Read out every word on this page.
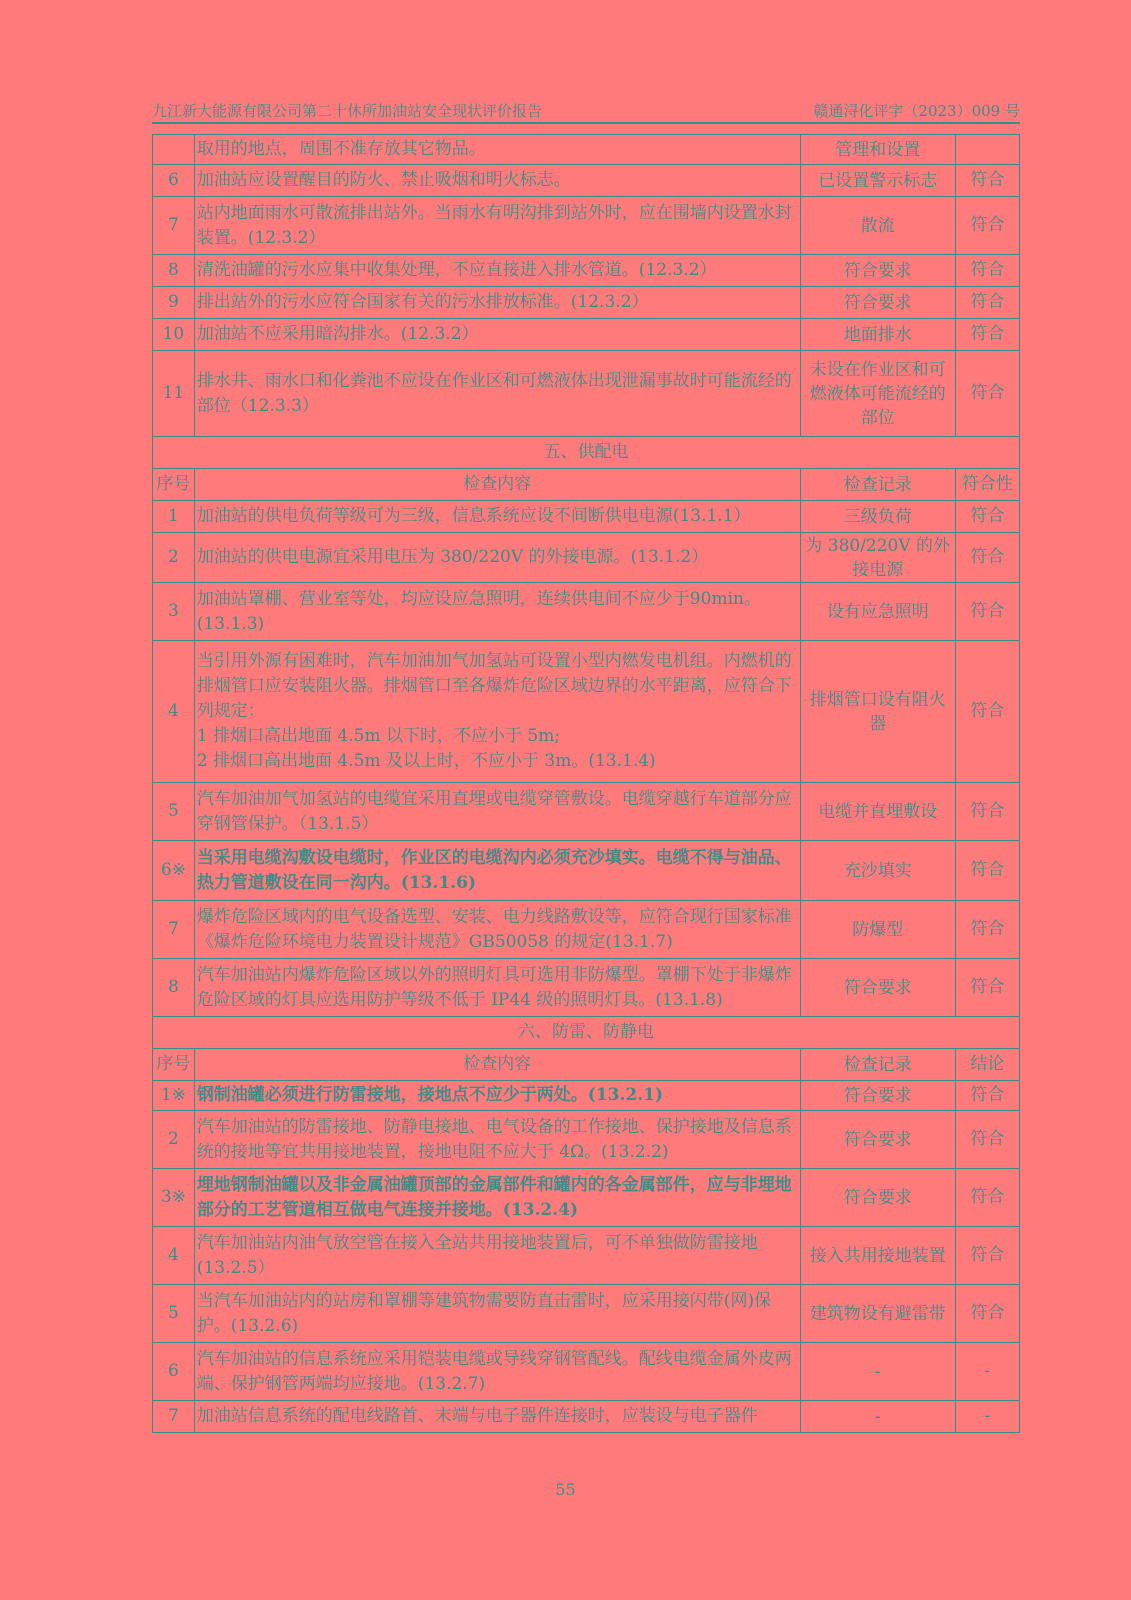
九江新大能源有限公司第二十休所加油站安全现状评价报告	赣通浔化评字（2023）009 号
	取用的地点，周围不准存放其它物品。	管理和设置	
6	加油站应设置醒目的防火、禁止吸烟和明火标志。	已设置警示标志	符合
7	站内地面雨水可散流排出站外。当雨水有明沟排到站外时，应在围墙内设置水封装置。(12.3.2）	散流	符合
8	清洗油罐的污水应集中收集处理，不应直接进入排水管道。(12.3.2）	符合要求	符合
9	排出站外的污水应符合国家有关的污水排放标准。(12.3.2）	符合要求	符合
10	加油站不应采用暗沟排水。(12.3.2）	地面排水	符合
11	排水井、雨水口和化粪池不应设在作业区和可燃液体出现泄漏事故时可能流经的部位（12.3.3）	未设在作业区和可燃液体可能流经的部位	符合
五、供配电			
序号	检查内容	检查记录	符合性
1	加油站的供电负荷等级可为三级，信息系统应设不间断供电电源(13.1.1）	三级负荷	符合
2	加油站的供电电源宜采用电压为 380/220V 的外接电源。(13.1.2）	为 380/220V 的外接电源	符合
3	加油站罩棚、营业室等处，均应设应急照明，连续供电间不应少于90min。(13.1.3)	设有应急照明	符合
4	当引用外源有困难时，汽车加油加气加氢站可设置小型内燃发电机组。内燃机的排烟管口应安装阻火器。排烟管口至各爆炸危险区域边界的水平距离，应符合下列规定：
1 排烟口高出地面 4.5m 以下时，不应小于 5m;
2 排烟口高出地面 4.5m 及以上时，不应小于 3m。(13.1.4)	排烟管口设有阻火器	符合
5	汽车加油加气加氢站的电缆宜采用直埋或电缆穿管敷设。电缆穿越行车道部分应穿钢管保护。（13.1.5）	电缆并直埋敷设	符合
6※	当采用电缆沟敷设电缆时，作业区的电缆沟内必须充沙填实。电缆不得与油品、热力管道敷设在同一沟内。(13.1.6)	充沙填实	符合
7	爆炸危险区域内的电气设备选型、安装、电力线路敷设等，应符合现行国家标准《爆炸危险环境电力装置设计规范》GB50058 的规定(13.1.7)	防爆型	符合
8	汽车加油站内爆炸危险区域以外的照明灯具可选用非防爆型。罩棚下处于非爆炸危险区域的灯具应选用防护等级不低于 IP44 级的照明灯具。(13.1.8)	符合要求	符合
六、防雷、防静电			
序号	检查内容	检查记录	结论
1※	钢制油罐必须进行防雷接地，接地点不应少于两处。(13.2.1)	符合要求	符合
2	汽车加油站的防雷接地、防静电接地、电气设备的工作接地、保护接地及信息系统的接地等宜共用接地装置，接地电阻不应大于 4Ω。(13.2.2)	符合要求	符合
3※	埋地钢制油罐以及非金属油罐顶部的金属部件和罐内的各金属部件，应与非埋地部分的工艺管道相互做电气连接并接地。(13.2.4)	符合要求	符合
4	汽车加油站内油气放空管在接入全站共用接地装置后，可不单独做防雷接地(13.2.5）	接入共用接地装置	符合
5	当汽车加油站内的站房和罩棚等建筑物需要防直击雷时，应采用接闪带(网)保护。(13.2.6)	建筑物设有避雷带	符合
6	汽车加油站的信息系统应采用铠装电缆或导线穿钢管配线。配线电缆金属外皮两端、保护钢管两端均应接地。(13.2.7)	-	-
7	加油站信息系统的配电线路首、末端与电子器件连接时，应装设与电子器件	-	-
55
